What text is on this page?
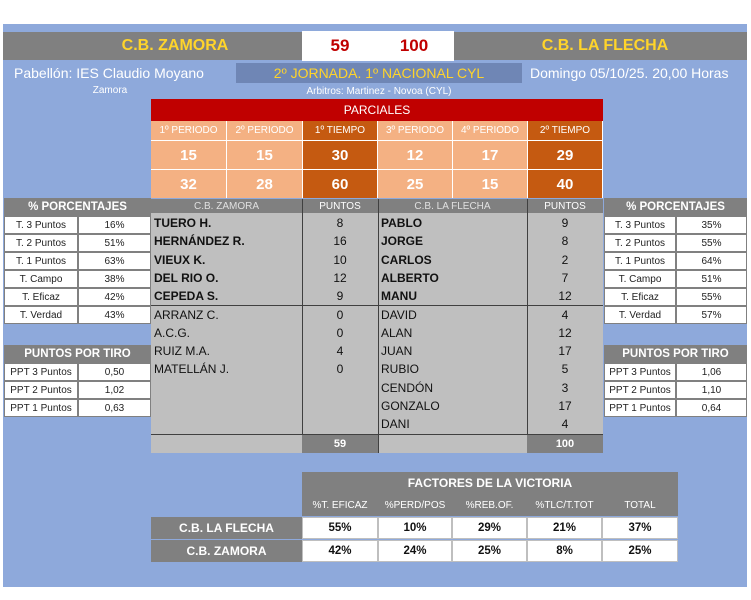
C.B. ZAMORA	59	100	C.B. LA FLECHA
Pabellón: IES Claudio Moyano	2º JORNADA. 1º NACIONAL CYL	Domingo 05/10/25. 20,00 Horas
Zamora	Arbitros: Martinez - Novoa (CYL)
PARCIALES
1º PERIODO	2º PERIODO	1º TIEMPO	3º PERIODO	4º PERIODO	2º TIEMPO
15	15	30	12	17	29
32	28	60	25	15	40
C.B. ZAMORA	PUNTOS	C.B. LA FLECHA	PUNTOS
TUERO H.	8
HERNÁNDEZ R.	16
VIEUX K.	10
DEL RIO O.	12
CEPEDA S.	9
ARRANZ C.	0
A.C.G.	0
RUIZ M.A.	4
MATELLÁN J.	0
PABLO	9
JORGE	8
CARLOS	2
ALBERTO	7
MANU	12
DAVID	4
ALAN	12
JUAN	17
RUBIO	5
CENDÓN	3
GONZALO	17
DANI	4
59	100
% PORCENTAJES
T. 3 Puntos	16%
T. 2 Puntos	51%
T. 1 Puntos	63%
T. Campo	38%
T. Eficaz	42%
T. Verdad	43%
PUNTOS POR TIRO
PPT 3 Puntos	0,50
PPT 2 Puntos	1,02
PPT 1 Puntos	0,63
% PORCENTAJES
T. 3 Puntos	35%
T. 2 Puntos	55%
T. 1 Puntos	64%
T. Campo	51%
T. Eficaz	55%
T. Verdad	57%
PUNTOS POR TIRO
PPT 3 Puntos	1,06
PPT 2 Puntos	1,10
PPT 1 Puntos	0,64
FACTORES DE LA VICTORIA
%T. EFICAZ	%PERD/POS	%REB.OF.	%TLC/T.TOT	TOTAL
C.B. LA FLECHA	55%	10%	29%	21%	37%
C.B. ZAMORA	42%	24%	25%	8%	25%
